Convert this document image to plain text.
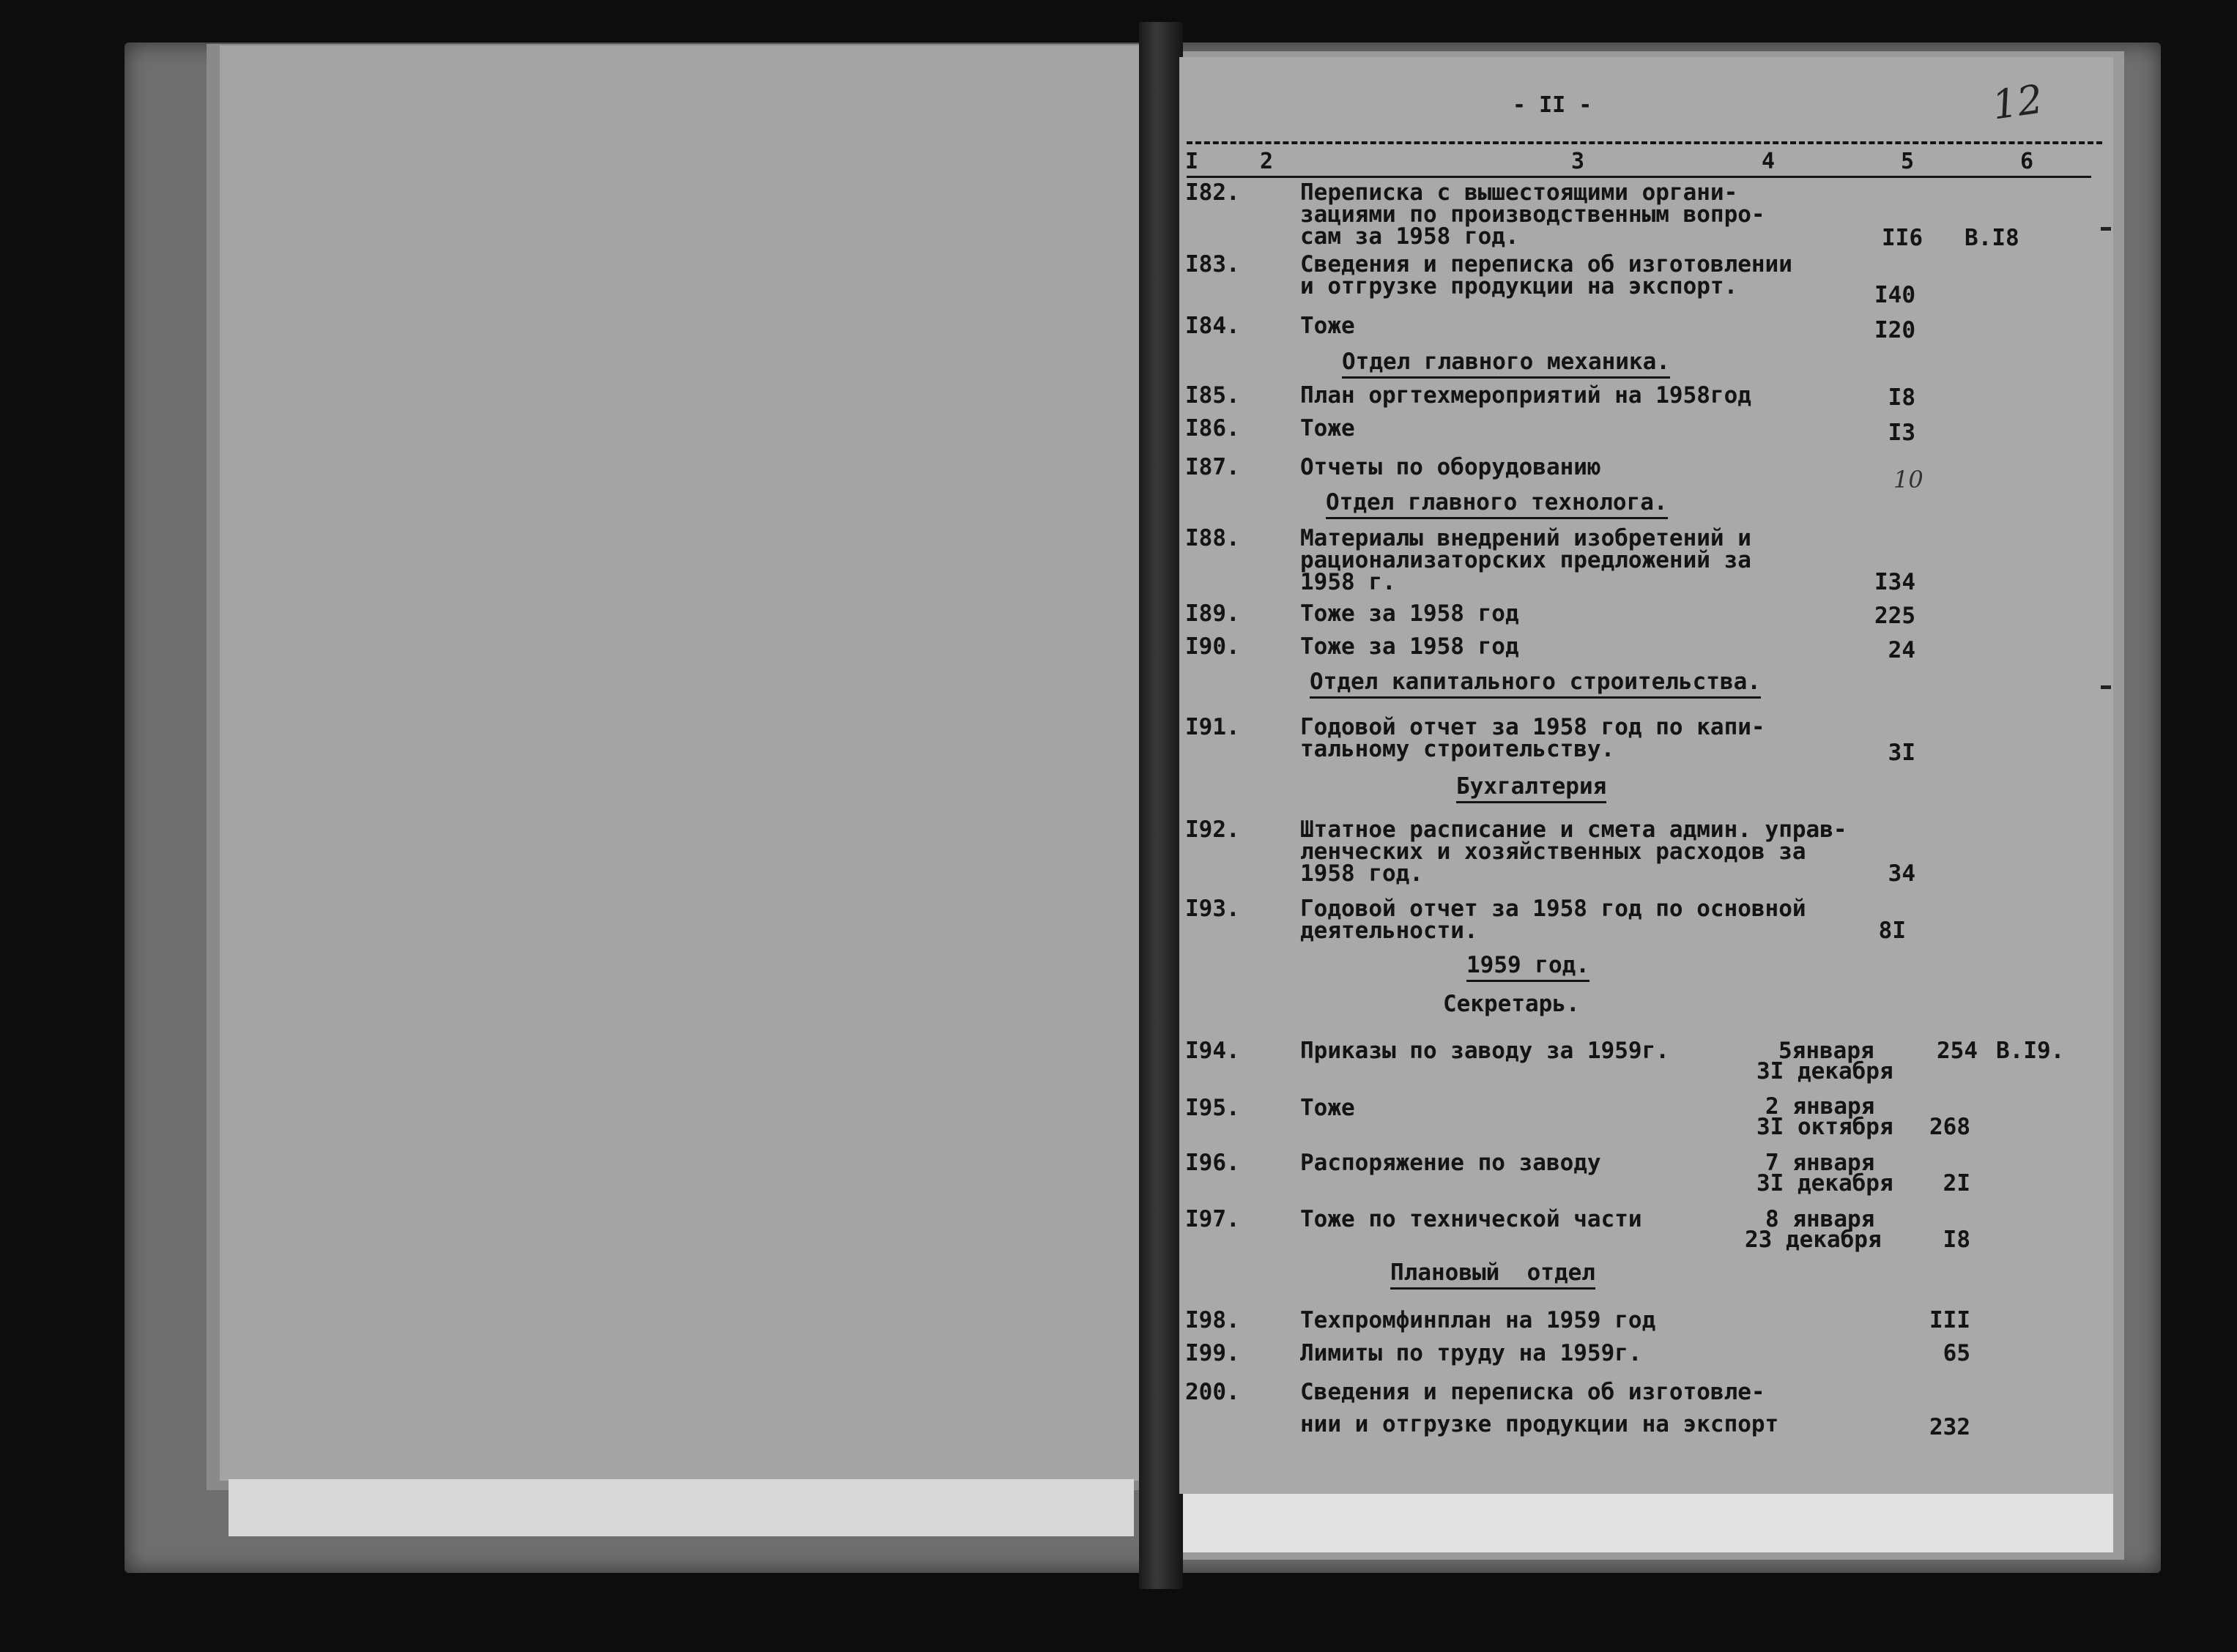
- II -	12
I	2	3	4	5	6
I82.	Переписка с вышестоящими органи-
зациями по производственным вопро-
сам за 1958 год.	II6 В.I8
I83.	Сведения и переписка об изготовлении
и отгрузке продукции на экспорт.	I40
I84.	Тоже	I20
Отдел главного механика.
I85.	План оргтехмероприятий на 1958год	I8
I86.	Тоже	I3
I87.	Отчеты по оборудованию	10
Отдел главного технолога.
I88.	Материалы внедрений изобретений и
рационализаторских предложений за
1958 г.	I34
I89.	Тоже за 1958 год	225
I90.	Тоже за 1958 год	24
Отдел капитального строительства.
I91.	Годовой отчет за 1958 год по капи-
тальному строительству.	3I
Бухгалтерия
I92.	Штатное расписание и смета админ. управ-
ленческих и хозяйственных расходов за
1958 год.	34
I93.	Годовой отчет за 1958 год по основной
деятельности.	8I
1959 год.
Секретарь.
I94.	Приказы по заводу за 1959г.	5января
3I декабря
254 В.I9.
I95.	Тоже	2 января
3I октября	268
I96.	Распоряжение по заводу	7 января
3I декабря	2I
I97.	Тоже по технической части	8 января
23 декабря	I8
Плановый  отдел
I98.	Техпромфинплан на 1959 год	III
I99.	Лимиты по труду на 1959г.	65
200.	Сведения и переписка об изготовле-
нии и отгрузке продукции на экспорт	232
